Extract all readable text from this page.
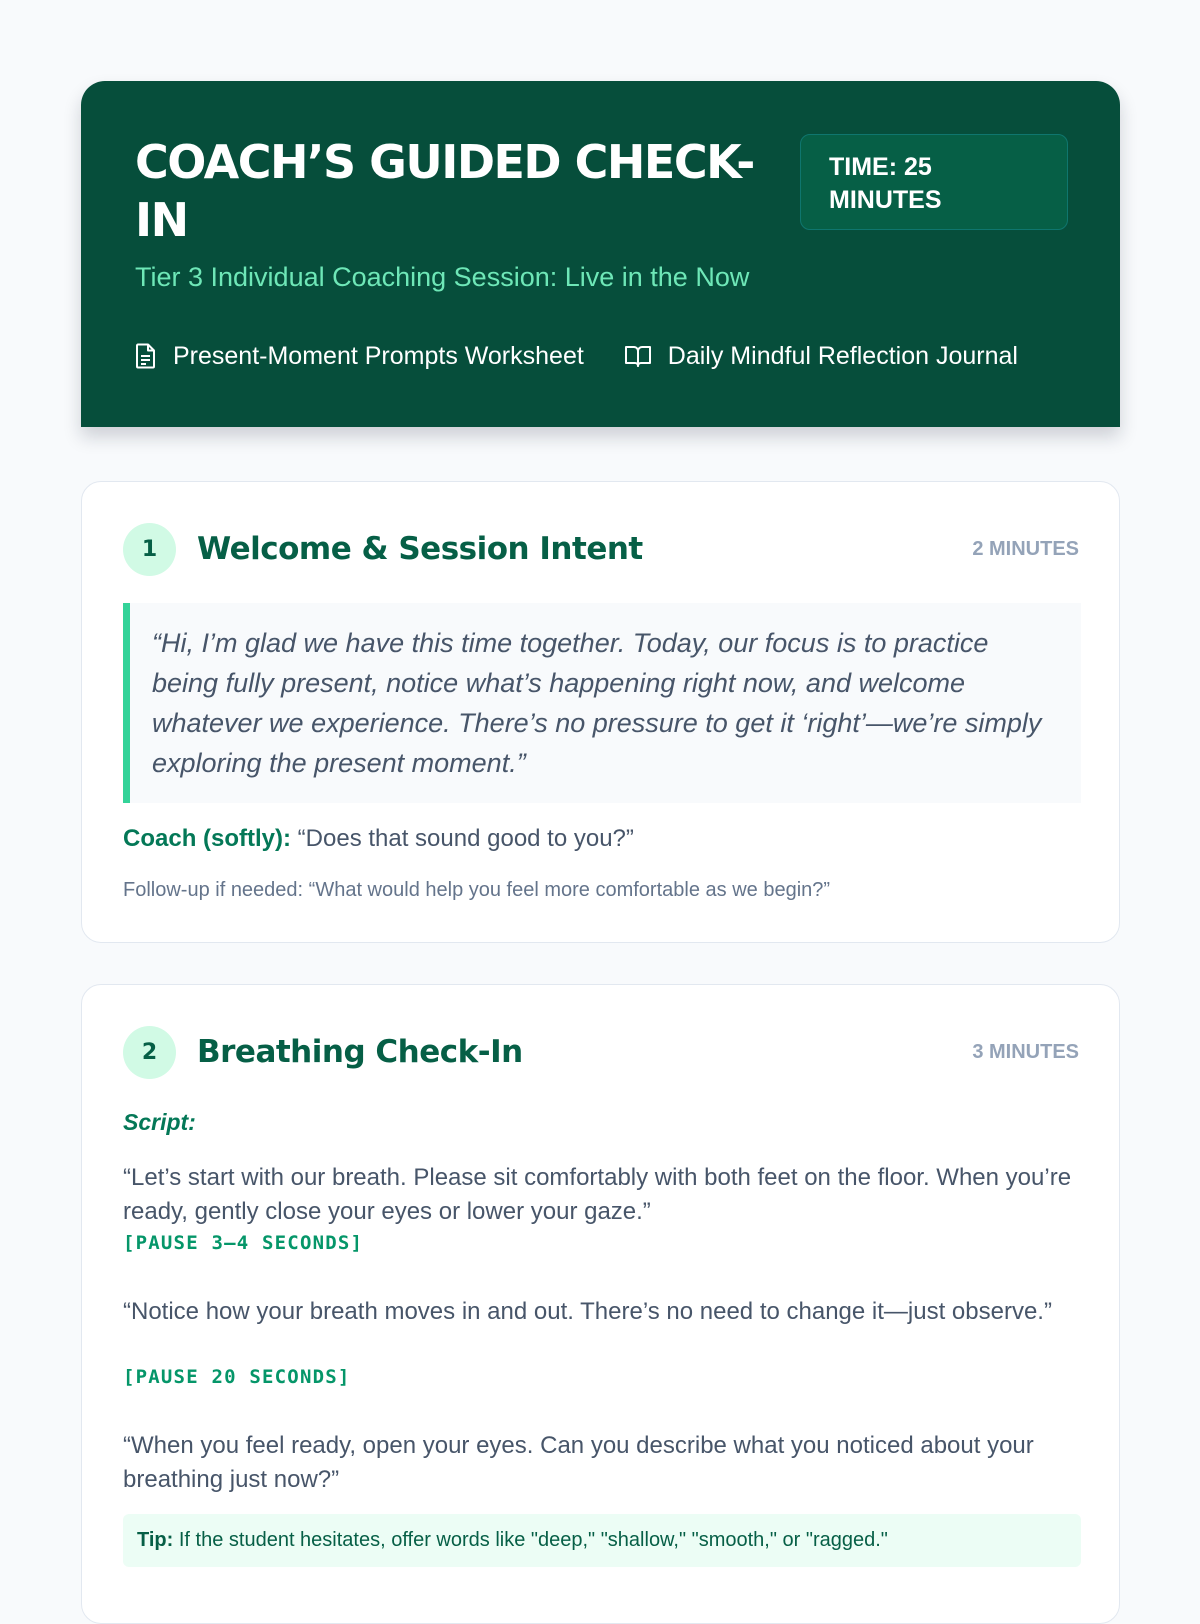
COACH’S GUIDED CHECK-IN
TIME: 25 MINUTES

Tier 3 Individual Coaching Session: Live in the Now

Present-Moment Prompts Worksheet	Daily Mindful Reflection Journal
1	Welcome & Session Intent	2 MINUTES
“Hi, I’m glad we have this time together. Today, our focus is to practice being fully present, notice what’s happening right now, and welcome whatever we experience. There’s no pressure to get it ‘right’—we’re simply exploring the present moment.”
Coach (softly): “Does that sound good to you?”
Follow-up if needed: “What would help you feel more comfortable as we begin?”
2	Breathing Check-In	3 MINUTES
Script:
“Let’s start with our breath. Please sit comfortably with both feet on the floor. When you’re ready, gently close your eyes or lower your gaze.”
[PAUSE 3–4 SECONDS]
“Notice how your breath moves in and out. There’s no need to change it—just observe.”
[PAUSE 20 SECONDS]
“When you feel ready, open your eyes. Can you describe what you noticed about your breathing just now?”
Tip: If the student hesitates, offer words like "deep," "shallow," "smooth," or "ragged."
